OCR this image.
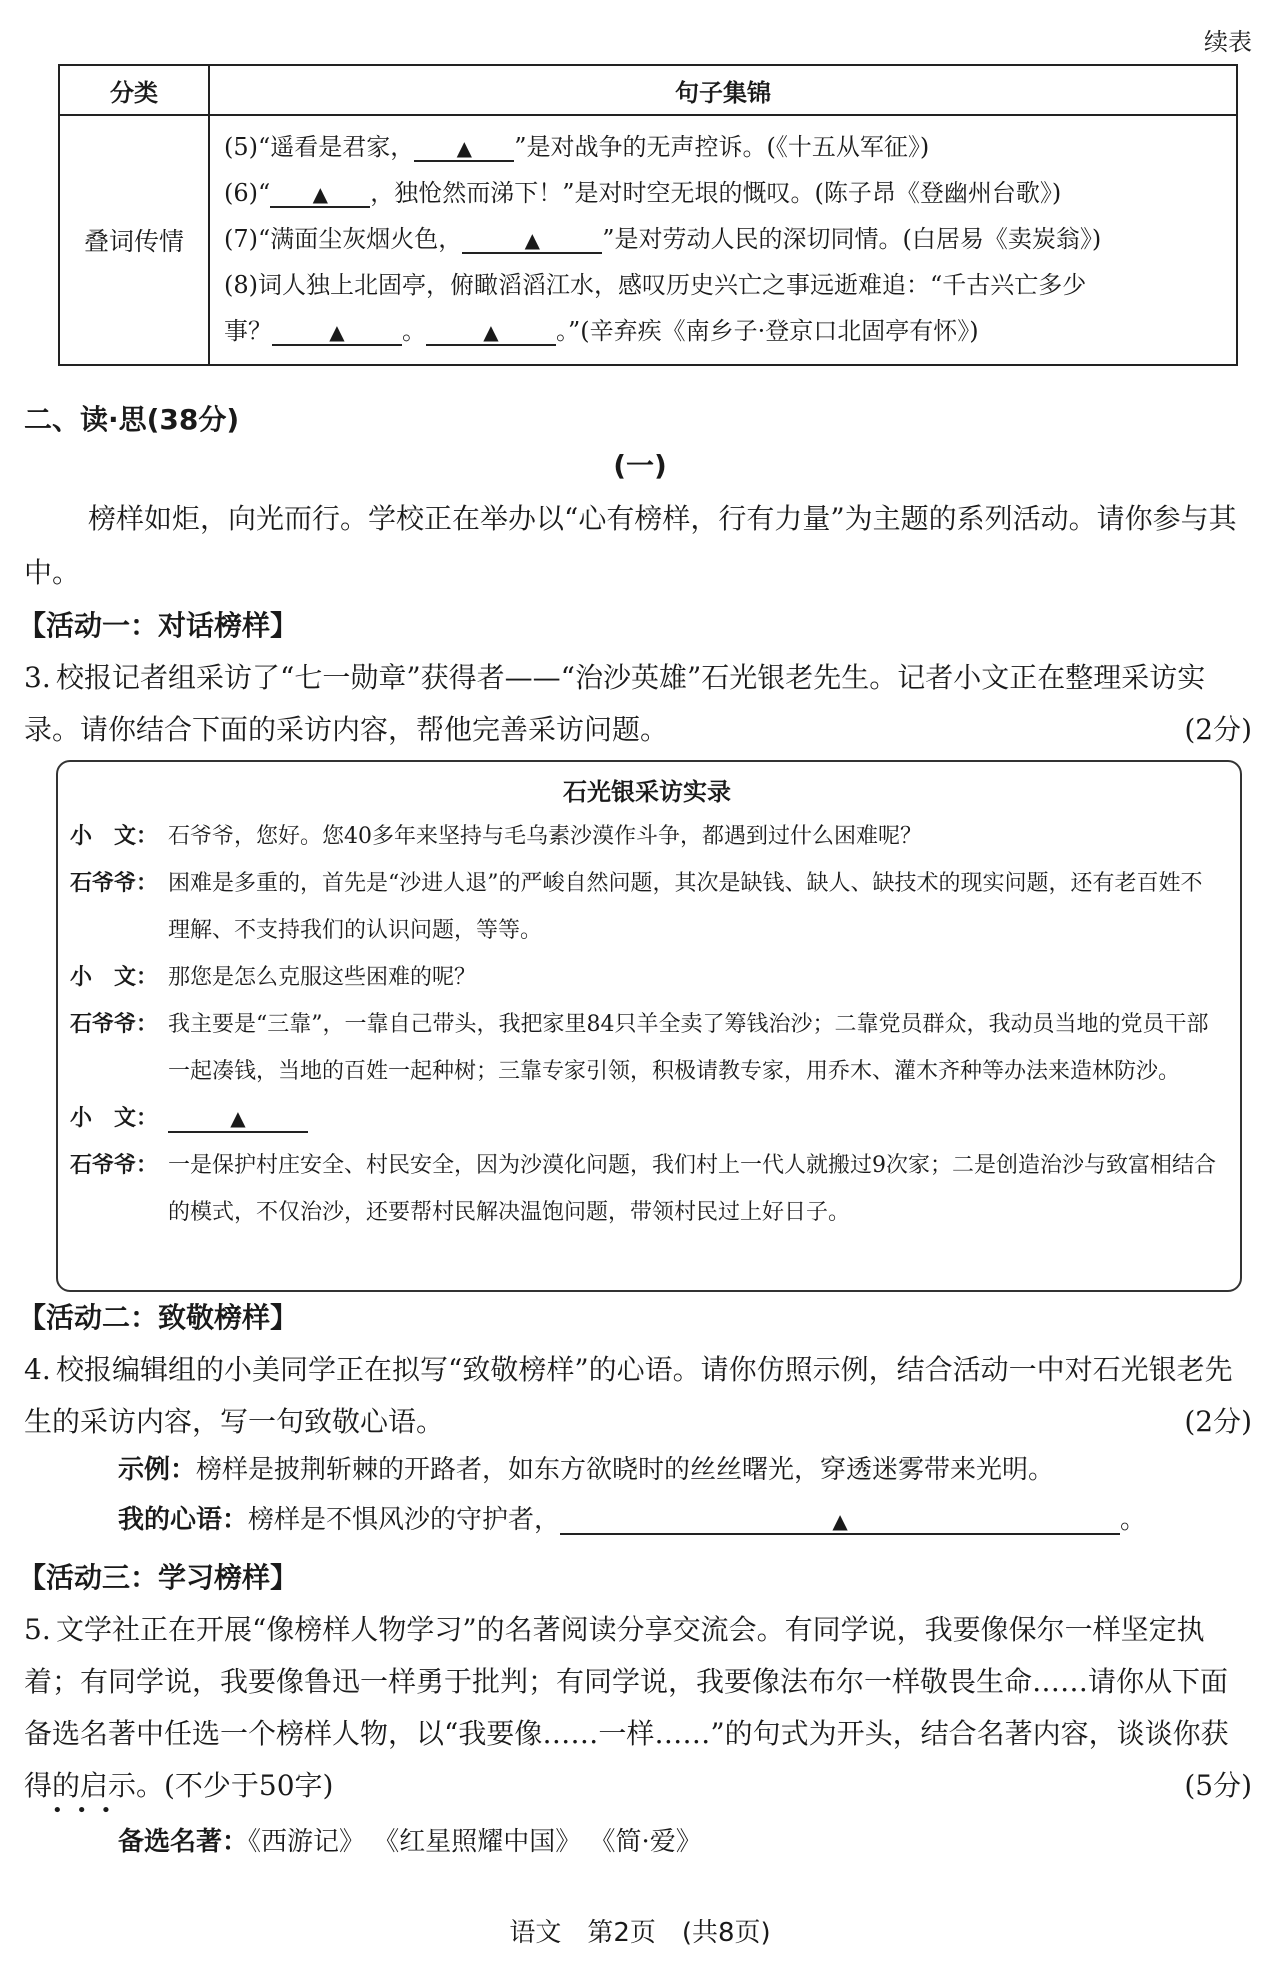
续表
分类	句子集锦
叠词传情	(5)“遥看是君家， ▲ ”是对战争的无声控诉。(《十五从军征》)
(6)“ ▲ ，独怆然而涕下！”是对时空无垠的慨叹。(陈子昂《登幽州台歌》)
(7)“满面尘灰烟火色， ▲ ”是对劳动人民的深切同情。(白居易《卖炭翁》)
(8)词人独上北固亭，俯瞰滔滔江水，感叹历史兴亡之事远逝难追：“千古兴亡多少
事？ ▲ 。 ▲ 。”(辛弃疾《南乡子·登京口北固亭有怀》)
二、读·思(38分)
(一)
榜样如炬，向光而行。学校正在举办以“心有榜样，行有力量”为主题的系列活动。请你参与其中。
【活动一：对话榜样】
3. 校报记者组采访了“七一勋章”获得者——“治沙英雄”石光银老先生。记者小文正在整理采访实录。请你结合下面的采访内容，帮他完善采访问题。	(2分)
石光银采访实录
小　文： 石爷爷，您好。您40多年来坚持与毛乌素沙漠作斗争，都遇到过什么困难呢？
石爷爷： 困难是多重的，首先是“沙进人退”的严峻自然问题，其次是缺钱、缺人、缺技术的现实问题，还有老百姓不理解、不支持我们的认识问题，等等。
小　文： 那您是怎么克服这些困难的呢？
石爷爷： 我主要是“三靠”，一靠自己带头，我把家里84只羊全卖了筹钱治沙；二靠党员群众，我动员当地的党员干部一起凑钱，当地的百姓一起种树；三靠专家引领，积极请教专家，用乔木、灌木齐种等办法来造林防沙。
小　文：	▲
石爷爷： 一是保护村庄安全、村民安全，因为沙漠化问题，我们村上一代人就搬过9次家；二是创造治沙与致富相结合的模式，不仅治沙，还要帮村民解决温饱问题，带领村民过上好日子。
【活动二：致敬榜样】
4. 校报编辑组的小美同学正在拟写“致敬榜样”的心语。请你仿照示例，结合活动一中对石光银老先生的采访内容，写一句致敬心语。	(2分)
示例：榜样是披荆斩棘的开路者，如东方欲晓时的丝丝曙光，穿透迷雾带来光明。
我的心语：榜样是不惧风沙的守护者，	▲	。
【活动三：学习榜样】
5. 文学社正在开展“像榜样人物学习”的名著阅读分享交流会。有同学说，我要像保尔一样坚定执着；有同学说，我要像鲁迅一样勇于批判；有同学说，我要像法布尔一样敬畏生命……请你从下面备选名著中任选一个榜样人物，以“我要像……一样……”的句式为开头，结合名著内容，谈谈你获得的启示。(不少于50字)	(5分)
• • •
备选名著：《西游记》 《红星照耀中国》 《简·爱》
语文　第2页　(共8页)
